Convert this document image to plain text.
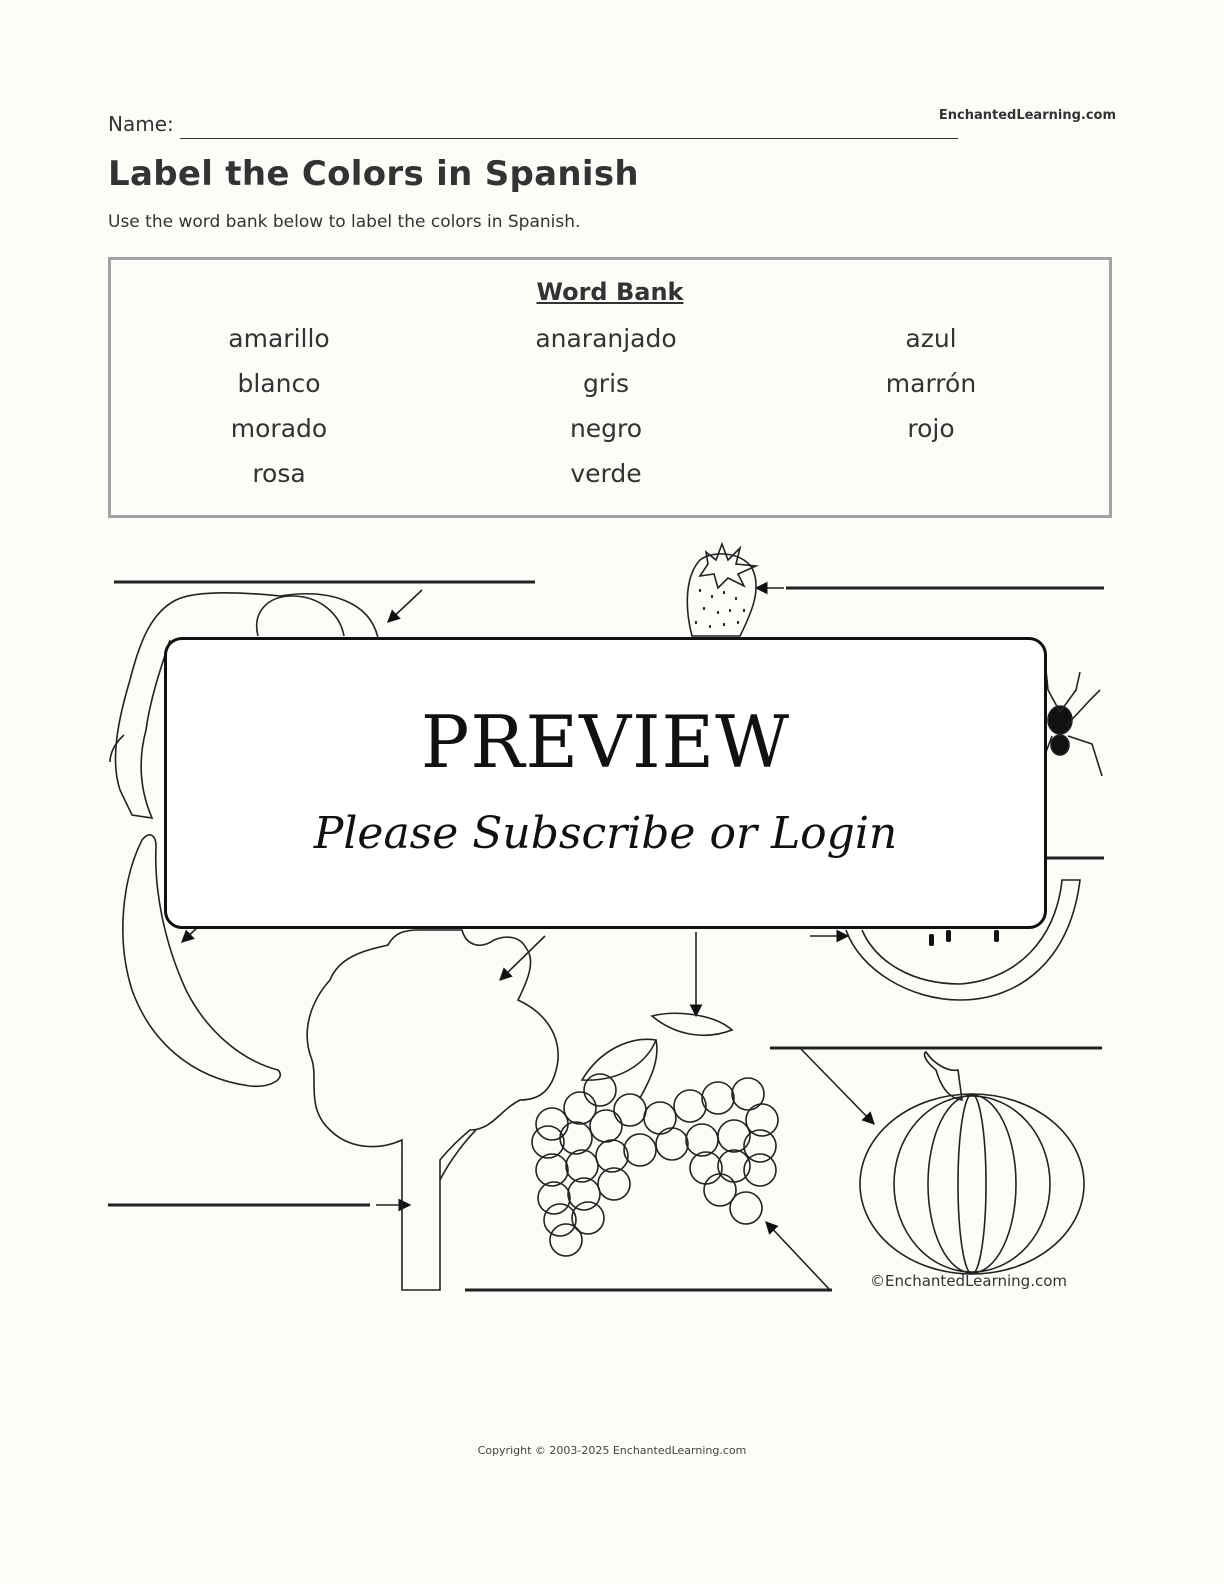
Name:	EnchantedLearning.com
Label the Colors in Spanish
Use the word bank below to label the colors in Spanish.
Word Bank
amarillo	anaranjado	azul
blanco	gris	marrón
morado	negro	rojo
rosa	verde
©EnchantedLearning.com
PREVIEW
Please Subscribe or Login
Copyright © 2003-2025 EnchantedLearning.com
